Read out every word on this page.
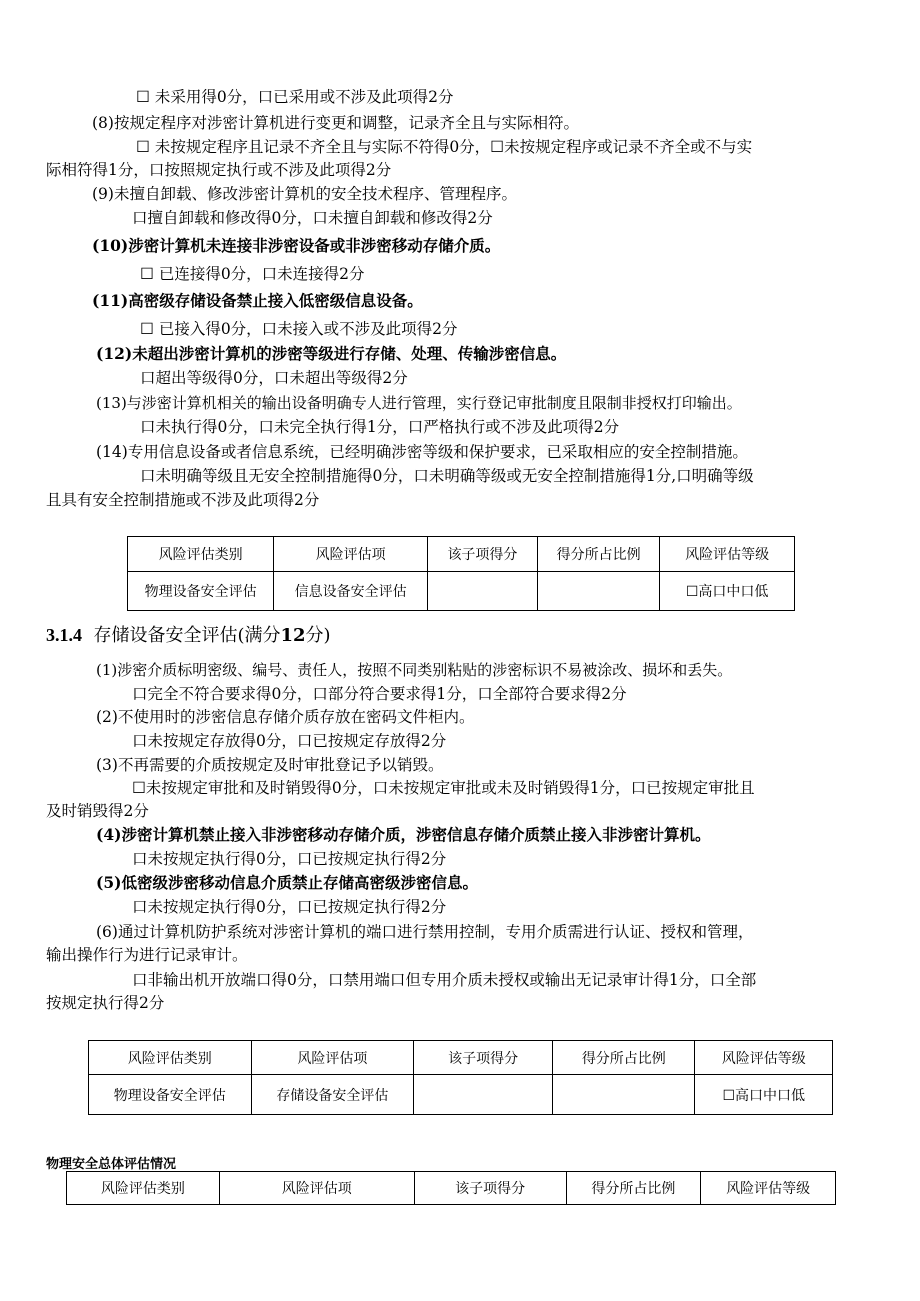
☐ 未采用得0分，口已采用或不涉及此项得2分
(8)按规定程序对涉密计算机进行变更和调整，记录齐全且与实际相符。
☐ 未按规定程序且记录不齐全且与实际不符得0分，☐未按规定程序或记录不齐全或不与实
际相符得1分，口按照规定执行或不涉及此项得2分
(9)未擅自卸载、修改涉密计算机的安全技术程序、管理程序。
口擅自卸载和修改得0分，口未擅自卸载和修改得2分
(10)涉密计算机未连接非涉密设备或非涉密移动存储介质。
☐ 已连接得0分，口未连接得2分
(11)高密级存储设备禁止接入低密级信息设备。
☐ 已接入得0分，口未接入或不涉及此项得2分
(12)未超出涉密计算机的涉密等级进行存储、处理、传输涉密信息。
口超出等级得0分，口未超出等级得2分
(13)与涉密计算机相关的输出设备明确专人进行管理，实行登记审批制度且限制非授权打印输出。
口未执行得0分，口未完全执行得1分，口严格执行或不涉及此项得2分
(14)专用信息设备或者信息系统，已经明确涉密等级和保护要求，已采取相应的安全控制措施。
口未明确等级且无安全控制措施得0分，口未明确等级或无安全控制措施得1分,口明确等级
且具有安全控制措施或不涉及此项得2分
风险评估类别	风险评估项	该子项得分	得分所占比例	风险评估等级
物理设备安全评估	信息设备安全评估			☐高口中口低
3.1.4 存储设备安全评估(满分12分)
(1)涉密介质标明密级、编号、责任人，按照不同类别粘贴的涉密标识不易被涂改、损坏和丢失。
口完全不符合要求得0分，口部分符合要求得1分，口全部符合要求得2分
(2)不使用时的涉密信息存储介质存放在密码文件柜内。
口未按规定存放得0分，口已按规定存放得2分
(3)不再需要的介质按规定及时审批登记予以销毁。
☐未按规定审批和及时销毁得0分，口未按规定审批或未及时销毁得1分，口已按规定审批且
及时销毁得2分
(4)涉密计算机禁止接入非涉密移动存储介质，涉密信息存储介质禁止接入非涉密计算机。
口未按规定执行得0分，口已按规定执行得2分
(5)低密级涉密移动信息介质禁止存储高密级涉密信息。
口未按规定执行得0分，口已按规定执行得2分
(6)通过计算机防护系统对涉密计算机的端口进行禁用控制，专用介质需进行认证、授权和管理，
输出操作行为进行记录审计。
口非输出机开放端口得0分，口禁用端口但专用介质未授权或输出无记录审计得1分，口全部
按规定执行得2分
风险评估类别	风险评估项	该子项得分	得分所占比例	风险评估等级
物理设备安全评估	存储设备安全评估			☐高口中口低
物理安全总体评估情况
风险评估类别	风险评估项	该子项得分	得分所占比例	风险评估等级
